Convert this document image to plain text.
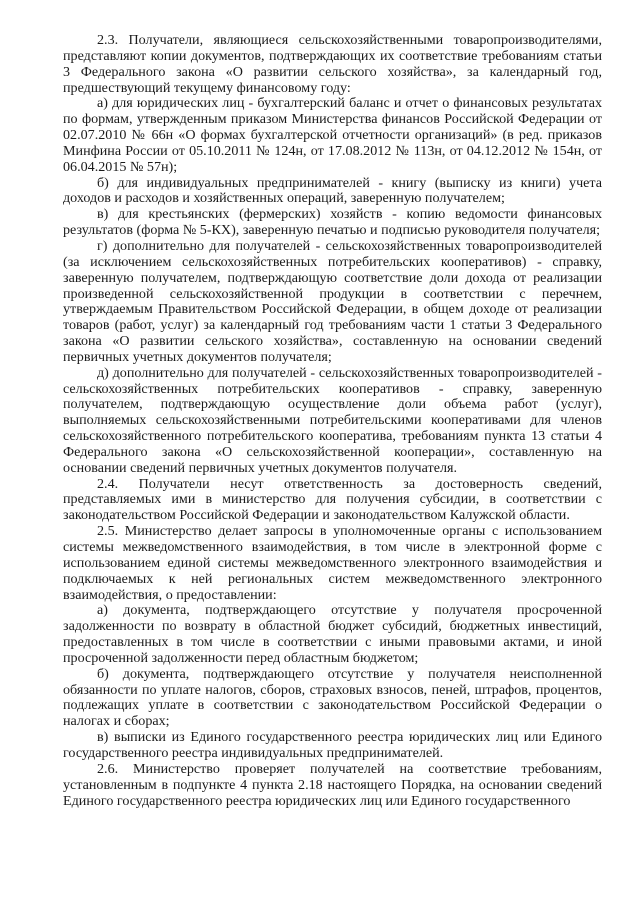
2.3. Получатели, являющиеся сельскохозяйственными товаропроизводителями, представляют копии документов, подтверждающих их соответствие требованиям статьи 3 Федерального закона «О развитии сельского хозяйства», за календарный год, предшествующий текущему финансовому году:

а) для юридических лиц - бухгалтерский баланс и отчет о финансовых результатах по формам, утвержденным приказом Министерства финансов Российской Федерации от 02.07.2010 № 66н «О формах бухгалтерской отчетности организаций» (в ред. приказов Минфина России от 05.10.2011 № 124н, от 17.08.2012 № 113н, от 04.12.2012 № 154н, от 06.04.2015 № 57н);

б) для индивидуальных предпринимателей - книгу (выписку из книги) учета доходов и расходов и хозяйственных операций, заверенную получателем;

в) для крестьянских (фермерских) хозяйств - копию ведомости финансовых результатов (форма № 5-КХ), заверенную печатью и подписью руководителя получателя;

г) дополнительно для получателей - сельскохозяйственных товаропроизводителей (за исключением сельскохозяйственных потребительских кооперативов) - справку, заверенную получателем, подтверждающую соответствие доли дохода от реализации произведенной сельскохозяйственной продукции в соответствии с перечнем, утверждаемым Правительством Российской Федерации, в общем доходе от реализации товаров (работ, услуг) за календарный год требованиям части 1 статьи 3 Федерального закона «О развитии сельского хозяйства», составленную на основании сведений первичных учетных документов получателя;

д) дополнительно для получателей - сельскохозяйственных товаропроизводителей - сельскохозяйственных потребительских кооперативов - справку, заверенную получателем, подтверждающую осуществление доли объема работ (услуг), выполняемых сельскохозяйственными потребительскими кооперативами для членов сельскохозяйственного потребительского кооператива, требованиям пункта 13 статьи 4 Федерального закона «О сельскохозяйственной кооперации», составленную на основании сведений первичных учетных документов получателя.

2.4. Получатели несут ответственность за достоверность сведений, представляемых ими в министерство для получения субсидии, в соответствии с законодательством Российской Федерации и законодательством Калужской области.

2.5. Министерство делает запросы в уполномоченные органы с использованием системы межведомственного взаимодействия, в том числе в электронной форме с использованием единой системы межведомственного электронного взаимодействия и подключаемых к ней региональных систем межведомственного электронного взаимодействия, о предоставлении:

а) документа, подтверждающего отсутствие у получателя просроченной задолженности по возврату в областной бюджет субсидий, бюджетных инвестиций, предоставленных в том числе в соответствии с иными правовыми актами, и иной просроченной задолженности перед областным бюджетом;

б) документа, подтверждающего отсутствие у получателя неисполненной обязанности по уплате налогов, сборов, страховых взносов, пеней, штрафов, процентов, подлежащих уплате в соответствии с законодательством Российской Федерации о налогах и сборах;

в) выписки из Единого государственного реестра юридических лиц или Единого государственного реестра индивидуальных предпринимателей.

2.6. Министерство проверяет получателей на соответствие требованиям, установленным в подпункте 4 пункта 2.18 настоящего Порядка, на основании сведений Единого государственного реестра юридических лиц или Единого государственного
